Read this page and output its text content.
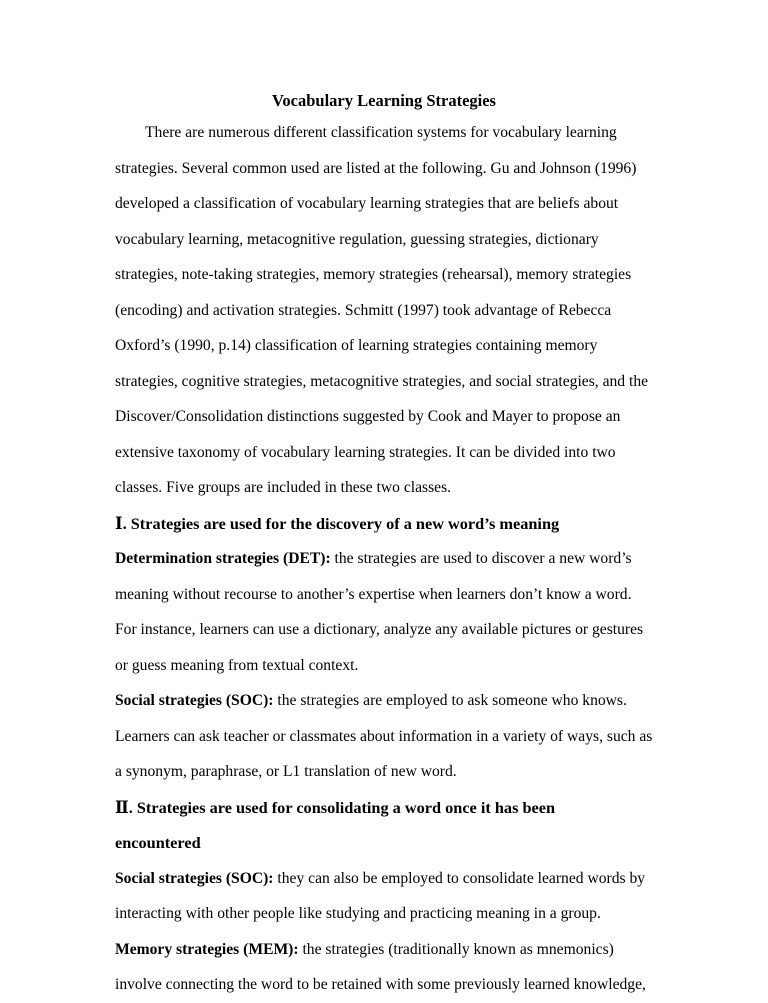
Vocabulary Learning Strategies
There are numerous different classification systems for vocabulary learning
strategies. Several common used are listed at the following. Gu and Johnson (1996)
developed a classification of vocabulary learning strategies that are beliefs about
vocabulary learning, metacognitive regulation, guessing strategies, dictionary
strategies, note-taking strategies, memory strategies (rehearsal), memory strategies
(encoding) and activation strategies. Schmitt (1997) took advantage of Rebecca
Oxford’s (1990, p.14) classification of learning strategies containing memory
strategies, cognitive strategies, metacognitive strategies, and social strategies, and the
Discover/Consolidation distinctions suggested by Cook and Mayer to propose an
extensive taxonomy of vocabulary learning strategies. It can be divided into two
classes. Five groups are included in these two classes.
Ⅰ. Strategies are used for the discovery of a new word’s meaning
Determination strategies (DET): the strategies are used to discover a new word’s
meaning without recourse to another’s expertise when learners don’t know a word.
For instance, learners can use a dictionary, analyze any available pictures or gestures
or guess meaning from textual context.
Social strategies (SOC): the strategies are employed to ask someone who knows.
Learners can ask teacher or classmates about information in a variety of ways, such as
a synonym, paraphrase, or L1 translation of new word.
Ⅱ. Strategies are used for consolidating a word once it has been
encountered
Social strategies (SOC): they can also be employed to consolidate learned words by
interacting with other people like studying and practicing meaning in a group.
Memory strategies (MEM): the strategies (traditionally known as mnemonics)
involve connecting the word to be retained with some previously learned knowledge,
